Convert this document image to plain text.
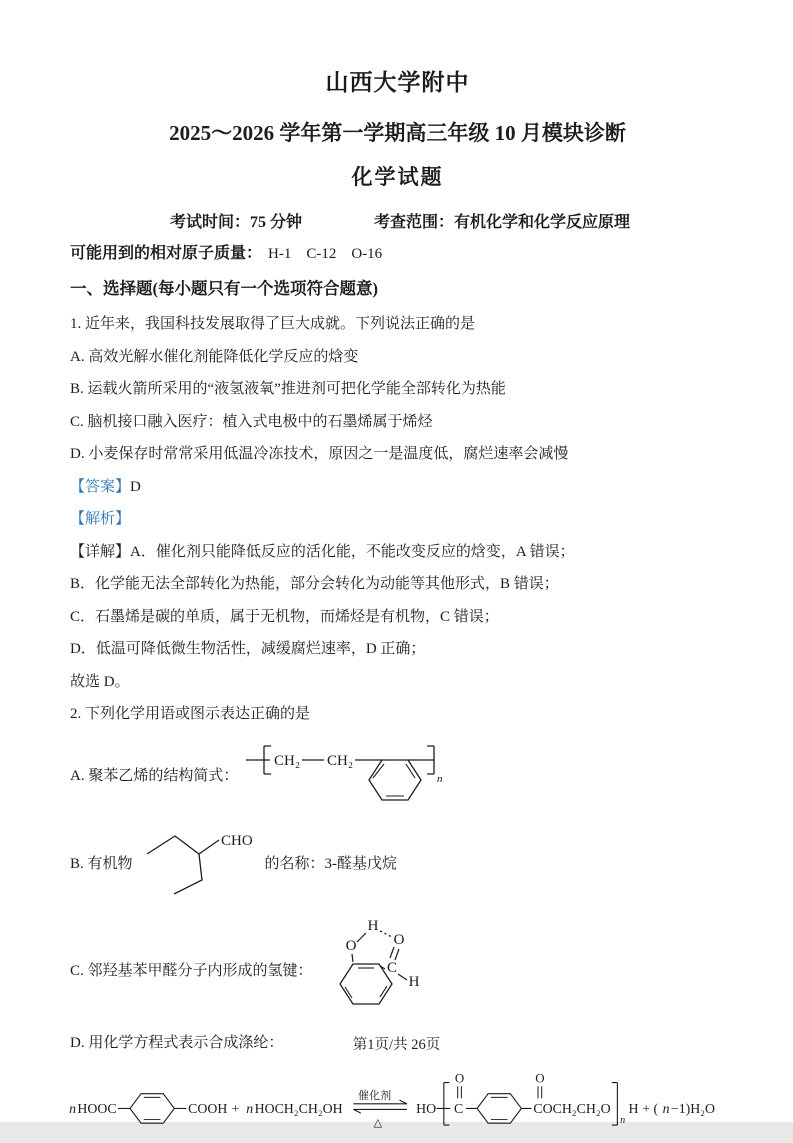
山西大学附中
2025～2026 学年第一学期高三年级 10 月模块诊断
化学试题
考试时间：75 分钟	考查范围：有机化学和化学反应原理
可能用到的相对原子质量： H-1    C-12    O-16
一、选择题(每小题只有一个选项符合题意)

1. 近年来，我国科技发展取得了巨大成就。下列说法正确的是

A. 高效光解水催化剂能降低化学反应的焓变

B. 运载火箭所采用的“液氢液氧”推进剂可把化学能全部转化为热能

C. 脑机接口融入医疗：植入式电极中的石墨烯属于烯烃

D. 小麦保存时常常采用低温冷冻技术，原因之一是温度低，腐烂速率会减慢

【答案】D

【解析】

【详解】A．催化剂只能降低反应的活化能，不能改变反应的焓变，A 错误；

B．化学能无法全部转化为热能，部分会转化为动能等其他形式，B 错误；

C．石墨烯是碳的单质，属于无机物，而烯烃是有机物，C 错误；

D．低温可降低微生物活性，减缓腐烂速率，D 正确；

故选 D。

2. 下列化学用语或图示表达正确的是

A. 聚苯乙烯的结构简式：
CH₂ CH₂
n
B. 有机物
CHO
的名称：3-醛基戊烷
C. 邻羟基苯甲醛分子内形成的氢键：
O
H
O
C
H

D. 用化学方程式表示合成涤纶：

n HOOC	COOH + n HOCH₂CH₂OH
催化剂
△
HO
O
C
O
COCH₂CH₂O
n
H + ( n −1)H₂O
第1页/共 26页
